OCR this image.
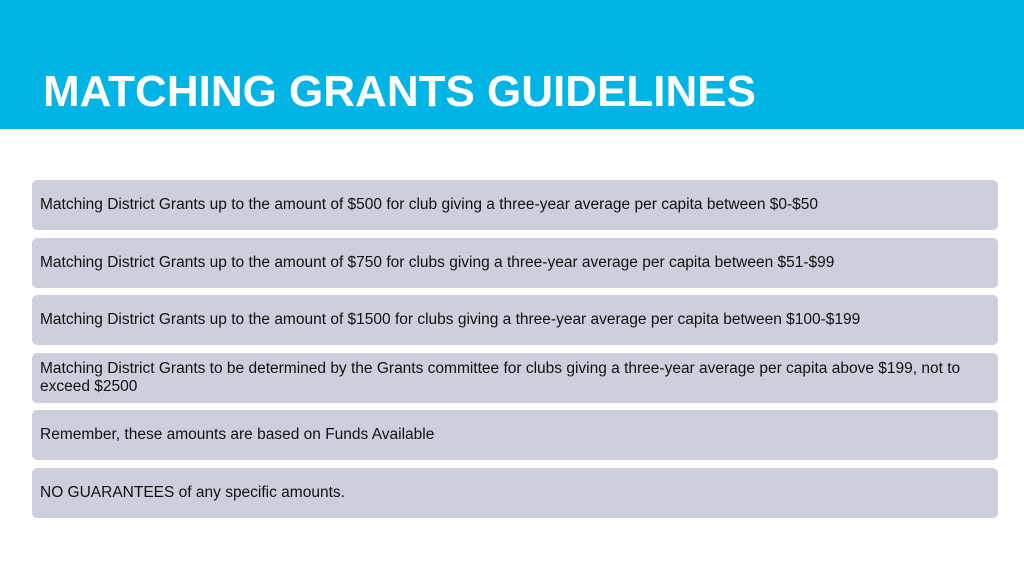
MATCHING GRANTS GUIDELINES
Matching District Grants up to the amount of $500 for club giving a three-year average per capita between $0-$50
Matching District Grants up to the amount of $750 for clubs giving a three-year average per capita between $51-$99
Matching District Grants up to the amount of $1500 for clubs giving a three-year average per capita between $100-$199
Matching District Grants to be determined by the Grants committee for clubs giving a three-year average per capita above $199, not to exceed $2500
Remember, these amounts are based on Funds Available
NO GUARANTEES of any specific amounts.
